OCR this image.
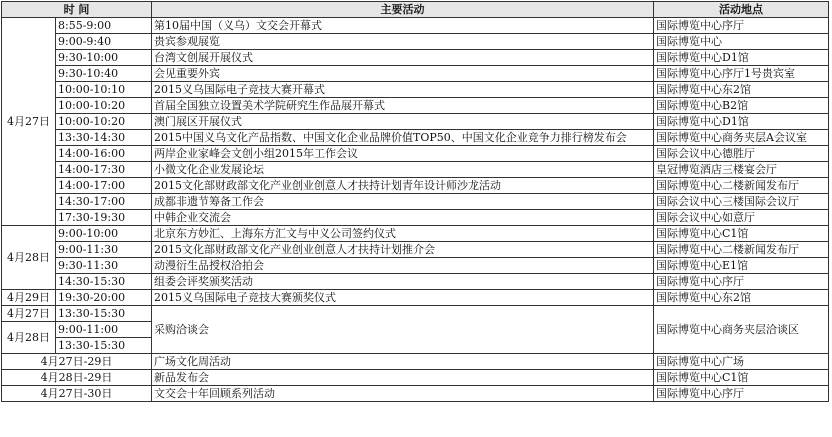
时 间		主要活动	活动地点
4月27日	8:55-9:00	第10届中国（义乌）文交会开幕式	国际博览中心序厅
	9:00-9:40	贵宾参观展览	国际博览中心
	9:30-10:00	台湾文创展开展仪式	国际博览中心D1馆
	9:30-10:40	会见重要外宾	国际博览中心序厅1号贵宾室
	10:00-10:10	2015义乌国际电子竞技大赛开幕式	国际博览中心东2馆
	10:00-10:20	首届全国独立设置美术学院研究生作品展开幕式	国际博览中心B2馆
	10:00-10:20	澳门展区开展仪式	国际博览中心D1馆
	13:30-14:30	2015中国义乌文化产品指数、中国文化企业品牌价值TOP50、中国文化企业竞争力排行榜发布会	国际博览中心商务夹层A会议室
	14:00-16:00	两岸企业家峰会文创小组2015年工作会议	国际会议中心德胜厅
	14:00-17:30	小微文化企业发展论坛	皇冠博览酒店三楼宴会厅
	14:00-17:00	2015文化部财政部文化产业创业创意人才扶持计划青年设计师沙龙活动	国际博览中心二楼新闻发布厅
	14:30-17:00	成都非遗节筹备工作会	国际会议中心三楼国际会议厅
	17:30-19:30	中韩企业交流会	国际会议中心如意厅
4月28日	9:00-10:00	北京东方妙汇、上海东方汇文与中义公司签约仪式	国际博览中心C1馆
	9:00-11:30	2015文化部财政部文化产业创业创意人才扶持计划推介会	国际博览中心二楼新闻发布厅
	9:30-11:30	动漫衍生品授权洽拍会	国际博览中心E1馆
	14:30-15:30	组委会评奖颁奖活动	国际博览中心序厅
4月29日	19:30-20:00	2015义乌国际电子竞技大赛颁奖仪式	国际博览中心东2馆
4月27日	13:30-15:30	采购洽谈会	国际博览中心商务夹层洽谈区
4月28日	9:00-11:00		
	13:30-15:30		
4月27日-29日		广场文化周活动	国际博览中心广场
4月28日-29日		新品发布会	国际博览中心C1馆
4月27日-30日		文交会十年回顾系列活动	国际博览中心序厅
